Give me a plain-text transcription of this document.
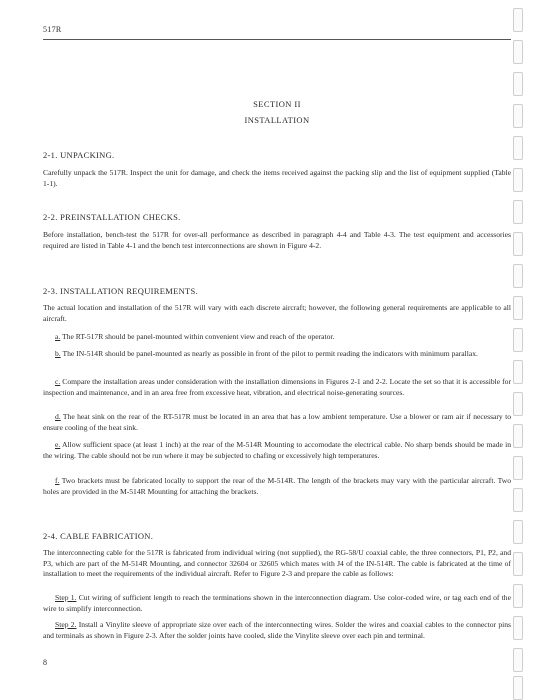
517R
SECTION II
INSTALLATION
2-1. UNPACKING.

Carefully unpack the 517R. Inspect the unit for damage, and check the items received against the packing slip and the list of equipment supplied (Table 1-1).

2-2. PREINSTALLATION CHECKS.

Before installation, bench-test the 517R for over-all performance as described in paragraph 4-4 and Table 4-3. The test equipment and accessories required are listed in Table 4-1 and the bench test interconnections are shown in Figure 4-2.

2-3. INSTALLATION REQUIREMENTS.

The actual location and installation of the 517R will vary with each discrete aircraft; however, the following general requirements are applicable to all aircraft.

a. The RT-517R should be panel-mounted within convenient view and reach of the operator.

b. The IN-514R should be panel-mounted as nearly as possible in front of the pilot to permit reading the indicators with minimum parallax.

c. Compare the installation areas under consideration with the installation dimensions in Figures 2-1 and 2-2. Locate the set so that it is accessible for inspection and maintenance, and in an area free from excessive heat, vibration, and electrical noise-generating sources.

d. The heat sink on the rear of the RT-517R must be located in an area that has a low ambient temperature. Use a blower or ram air if necessary to ensure cooling of the heat sink.

e. Allow sufficient space (at least 1 inch) at the rear of the M-514R Mounting to accomodate the electrical cable. No sharp bends should be made in the wiring. The cable should not be run where it may be subjected to chafing or excessively high temperatures.

f. Two brackets must be fabricated locally to support the rear of the M-514R. The length of the brackets may vary with the particular aircraft. Two holes are provided in the M-514R Mounting for attaching the brackets.

2-4. CABLE FABRICATION.

The interconnecting cable for the 517R is fabricated from individual wiring (not supplied), the RG-58/U coaxial cable, the three connectors, P1, P2, and P3, which are part of the M-514R Mounting, and connector 32604 or 32605 which mates with J4 of the IN-514R. The cable is fabricated at the time of installation to meet the requirements of the individual aircraft. Refer to Figure 2-3 and prepare the cable as follows:

Step 1. Cut wiring of sufficient length to reach the terminations shown in the interconnection diagram. Use color-coded wire, or tag each end of the wire to simplify interconnection.

Step 2. Install a Vinylite sleeve of appropriate size over each of the interconnecting wires. Solder the wires and coaxial cables to the connector pins and terminals as shown in Figure 2-3. After the solder joints have cooled, slide the Vinylite sleeve over each pin and terminal.

8
